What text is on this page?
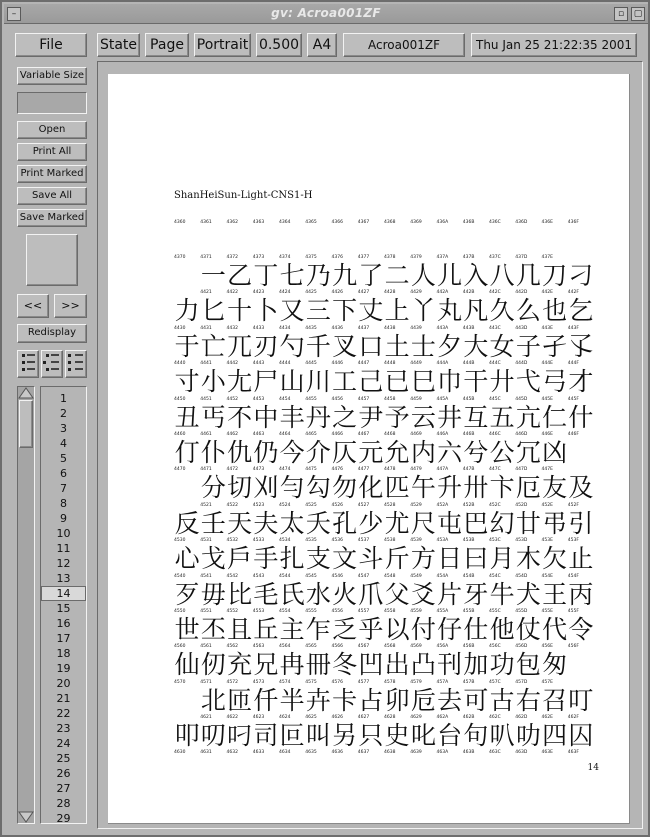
–	gv: Acroa001ZF	▫	▢
File	State Page Portrait 0.500 A4	Acroa001ZF	Thu Jan 25 21:22:35 2001
Variable Size
Open
Print All
Print Marked
Save All
Save Marked
<<	>>
Redisplay
1
2
3
4
5
6
7
8
9
10
11
12
13
14
15
16
17
18
19
20
21
22
23
24
25
26
27
28
29
ShanHeiSun-Light-CNS1-H
4360	4361	4362	4363	4364	4365	4366	4367	4368	4369	436A	436B	436C	436D	436E	436F
4370	4371	4372	4373	4374	4375	4376	4377	4378	4379	437A	437B	437C	437D	437E
一 乙 丁 七 乃 九 了 二 人 儿 入 八 几 刀 刁
4421	4422	4423	4424	4425	4426	4427	4428	4429	442A	442B	442C	442D	442E	442F
力 匕 十 卜 又 三 下 丈 上 丫 丸 凡 久 么 也 乞
4430	4431	4432	4433	4434	4435	4436	4437	4438	4439	443A	443B	443C	443D	443E	443F
于 亡 兀 刃 勺 千 叉 口 土 士 夕 大 女 子 孑 孓
4440	4441	4442	4443	4444	4445	4446	4447	4448	4449	444A	444B	444C	444D	444E	444F
寸 小 尢 尸 山 川 工 己 已 巳 巾 干 廾 弋 弓 才
4450	4451	4452	4453	4454	4455	4456	4457	4458	4459	445A	445B	445C	445D	445E	445F
丑 丐 不 中 丰 丹 之 尹 予 云 井 互 五 亢 仁 什
4460	4461	4462	4463	4464	4465	4466	4467	4468	4469	446A	446B	446C	446D	446E	446F
仃 仆 仇 仍 今 介 仄 元 允 内 六 兮 公 冗 凶
4470	4471	4472	4473	4474	4475	4476	4477	4478	4479	447A	447B	447C	447D	447E
分 切 刈 勻 勾 勿 化 匹 午 升 卅 卞 厄 友 及
4521	4522	4523	4524	4525	4526	4527	4528	4529	452A	452B	452C	452D	452E	452F
反 壬 天 夫 太 夭 孔 少 尤 尺 屯 巴 幻 廿 弔 引
4530	4531	4532	4533	4534	4535	4536	4537	4538	4539	453A	453B	453C	453D	453E	453F
心 戈 戶 手 扎 支 文 斗 斤 方 日 曰 月 木 欠 止
4540	4541	4542	4543	4544	4545	4546	4547	4548	4549	454A	454B	454C	454D	454E	454F
歹 毋 比 毛 氏 水 火 爪 父 爻 片 牙 牛 犬 王 丙
4550	4551	4552	4553	4554	4555	4556	4557	4558	4559	455A	455B	455C	455D	455E	455F
世 丕 且 丘 主 乍 乏 乎 以 付 仔 仕 他 仗 代 令
4560	4561	4562	4563	4564	4565	4566	4567	4568	4569	456A	456B	456C	456D	456E	456F
仙 仞 充 兄 冉 冊 冬 凹 出 凸 刊 加 功 包 匆
4570	4571	4572	4573	4574	4575	4576	4577	4578	4579	457A	457B	457C	457D	457E
北 匝 仟 半 卉 卡 占 卯 卮 去 可 古 右 召 叮
4621	4622	4623	4624	4625	4626	4627	4628	4629	462A	462B	462C	462D	462E	462F
叩 叨 叼 司 叵 叫 另 只 史 叱 台 句 叭 叻 四 囚
4630	4631	4632	4633	4634	4635	4636	4637	4638	4639	463A	463B	463C	463D	463E	463F
14
